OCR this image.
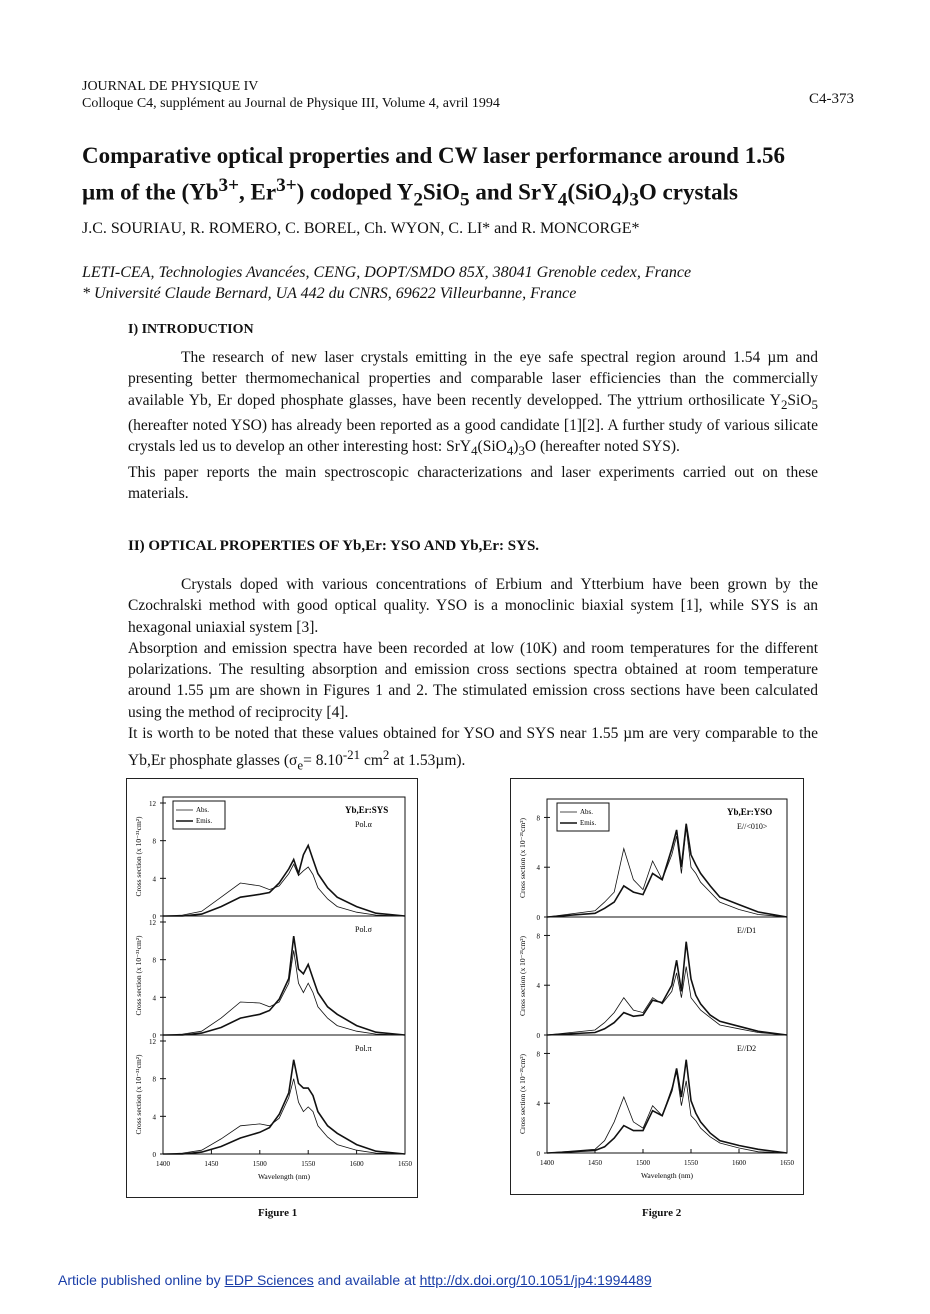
JOURNAL DE PHYSIQUE IV
Colloque C4, supplément au Journal de Physique III, Volume 4, avril 1994	C4-373
Comparative optical properties and CW laser performance around 1.56
µm of the ($Yb^{3+}$, $Er^{3+}$) codoped $Y_2SiO_5$ and $SrY_4(SiO_4)_3O$ crystals
J.C. SOURIAU, R. ROMERO, C. BOREL, Ch. WYON, C. LI* and R. MONCORGE*
LETI-CEA, Technologies Avancées, CENG, DOPT/SMDO 85X, 38041 Grenoble cedex, France
* Université Claude Bernard, UA 442 du CNRS, 69622 Villeurbanne, France
I) INTRODUCTION

The research of new laser crystals emitting in the eye safe spectral region around 1.54 µm and presenting better thermomechanical properties and comparable laser efficiencies than the commercially available Yb, Er doped phosphate glasses, have been recently developped. The yttrium orthosilicate $Y_2SiO_5$ (hereafter noted YSO) has already been reported as a good candidate [1][2]. A further study of various silicate crystals led us to develop an other interesting host: $SrY_4(SiO_4)_3O$ (hereafter noted SYS).

This paper reports the main spectroscopic characterizations and laser experiments carried out on these materials.

II) OPTICAL PROPERTIES OF Yb,Er: YSO AND Yb,Er: SYS.

Crystals doped with various concentrations of Erbium and Ytterbium have been grown by the Czochralski method with good optical quality. YSO is a monoclinic biaxial system [1], while SYS is an hexagonal uniaxial system [3].

Absorption and emission spectra have been recorded at low (10K) and room temperatures for the different polarizations. The resulting absorption and emission cross sections spectra obtained at room temperature around 1.55 µm are shown in Figures 1 and 2. The stimulated emission cross sections have been calculated using the method of reciprocity [4].

It is worth to be noted that these values obtained for YSO and SYS near 1.55 µm are very comparable to the Yb,Er phosphate glasses ($\sigma_e= 8.10^{-21}$ $cm^2$ at 1.53µm).

0
4
8
12
Cross section (x 10⁻²¹cm²)	Pol.α
0
4
8
12
Cross section (x 10⁻²¹cm²)
Pol.σ
0
4
8
12
Cross section (x 10⁻²¹cm²)
Pol.π
Abs.
Emis.
Yb,Er:SYS
1400	1450	1500	1550	1600	1650
Wavelength (nm)
Figure 1
0
4
8
Cross section (x 10⁻²¹cm²)	E//<010>
0
4
8
Cross section (x 10⁻²¹cm²)
E//D1
0
4
8
Cross section (x 10⁻²¹cm²)
E//D2
Abs.
Emis.
Yb,Er:YSO
1400	1450	1500	1550	1600	1650
Wavelength (nm)
Figure 2
Article published online by EDP Sciences and available at http://dx.doi.org/10.1051/jp4:1994489
